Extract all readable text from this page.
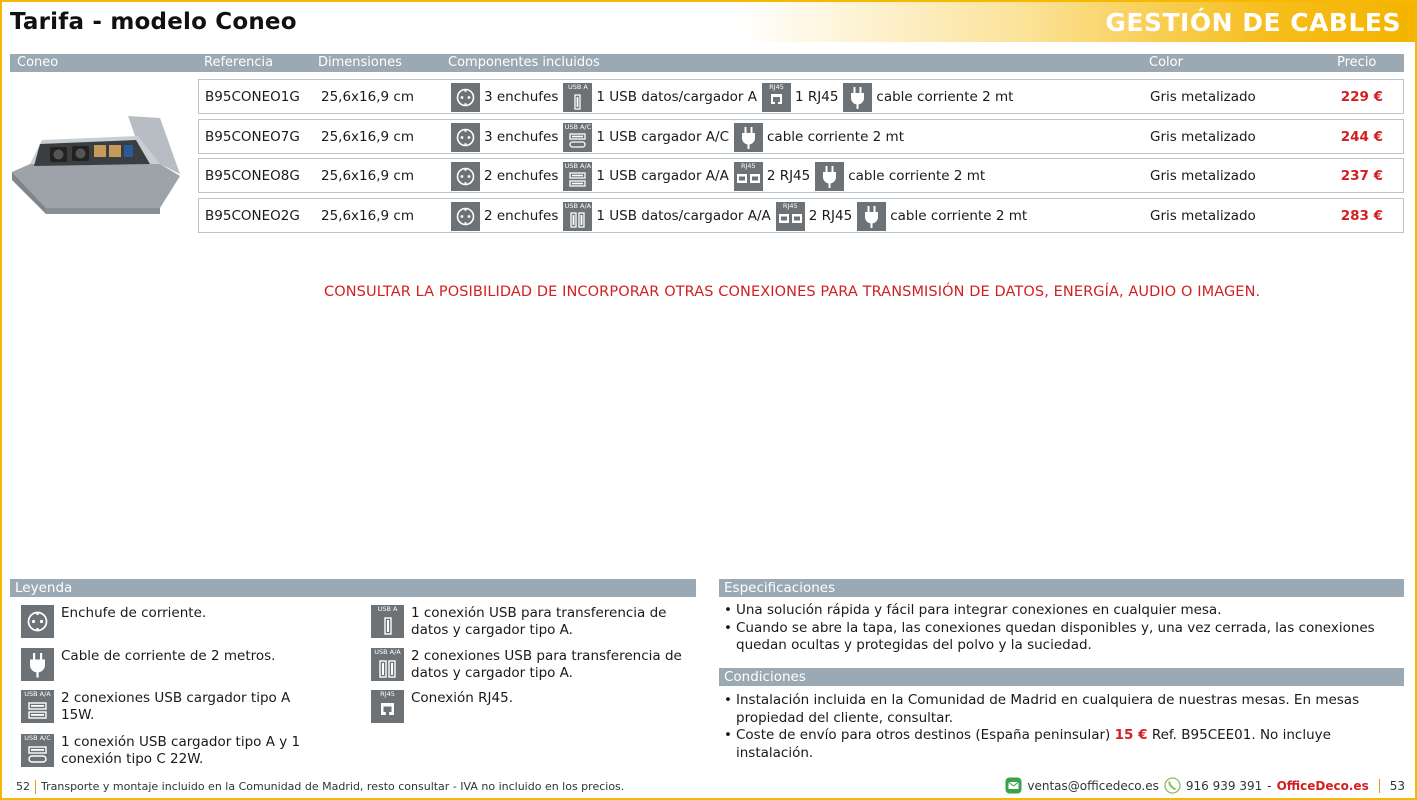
Tarifa - modelo Coneo	GESTIÓN DE CABLES
Coneo	Referencia	Dimensiones	Componentes incluidos	Color	Precio
B95CONEO1G 25,6x16,9 cm	3 enchufes
USB A
1 USB datos/cargador A
RJ45
1 RJ45	cable corriente 2 mt	Gris metalizado	229 €
B95CONEO7G 25,6x16,9 cm	3 enchufes
USB A/C
1 USB cargador A/C	cable corriente 2 mt	Gris metalizado	244 €
B95CONEO8G 25,6x16,9 cm	2 enchufes
USB A/A
1 USB cargador A/A
RJ45
2 RJ45	cable corriente 2 mt	Gris metalizado	237 €
B95CONEO2G 25,6x16,9 cm	2 enchufes
USB A/A
1 USB datos/cargador A/A
RJ45
2 RJ45	cable corriente 2 mt	Gris metalizado	283 €
CONSULTAR LA POSIBILIDAD DE INCORPORAR OTRAS CONEXIONES PARA TRANSMISIÓN DE DATOS, ENERGÍA, AUDIO O IMAGEN.
Leyenda
Enchufe de corriente.
Cable de corriente de 2 metros.
USB A/A 2 conexiones USB cargador tipo A 15W.
USB A/C 1 conexión USB cargador tipo A y 1 conexión tipo C 22W.
USB A	1 conexión USB para transferencia de datos y cargador tipo A.
USB A/A 2 conexiones USB para transferencia de datos y cargador tipo A.
RJ45	Conexión RJ45.
Especificaciones
• Una solución rápida y fácil para integrar conexiones en cualquier mesa.
• Cuando se abre la tapa, las conexiones quedan disponibles y, una vez cerrada, las conexiones quedan ocultas y protegidas del polvo y la suciedad.
Condiciones
• Instalación incluida en la Comunidad de Madrid en cualquiera de nuestras mesas. En mesas propiedad del cliente, consultar.
• Coste de envío para otros destinos (España peninsular) 15 € Ref. B95CEE01. No incluye instalación.
52 Transporte y montaje incluido en la Comunidad de Madrid, resto consultar - IVA no incluido en los precios.	ventas@officedeco.es 916 939 391 - OfficeDeco.es 53
